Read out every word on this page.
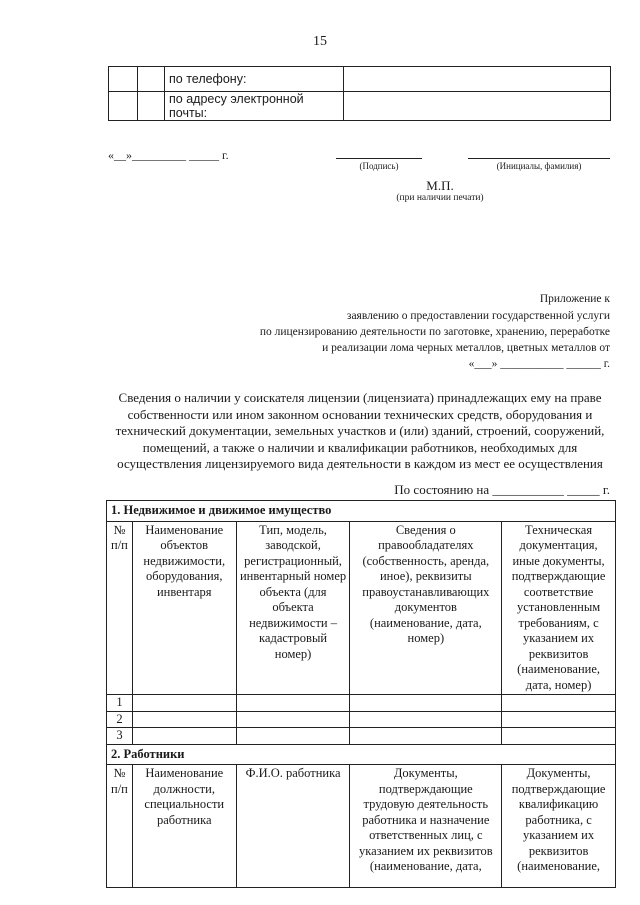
15
		по телефону:	
		по адресу электронной почты:	
«__»_________ _____ г.
(Подпись)	(Инициалы, фамилия)
М.П.
(при наличии печати)
Приложение к
заявлению о предоставлении государственной услуги
по лицензированию деятельности по заготовке, хранению, переработке
и реализации лома черных металлов, цветных металлов от
«___» ___________ ______ г.
Сведения о наличии у соискателя лицензии (лицензиата) принадлежащих ему на праве
собственности или ином законном основании технических средств, оборудования и
технический документации, земельных участков и (или) зданий, строений, сооружений,
помещений, а также о наличии и квалификации работников, необходимых для
осуществления лицензируемого вида деятельности в каждом из мест ее осуществления
По состоянию на ___________ _____ г.
1. Недвижимое и движимое имущество				
№ п/п	Наименование объектов недвижимости, оборудования, инвентаря	Тип, модель, заводской, регистрационный, инвентарный номер объекта (для объекта недвижимости – кадастровый номер)	Сведения о правообладателях (собственность, аренда, иное), реквизиты правоустанавливающих документов (наименование, дата, номер)	Техническая документация, иные документы, подтверждающие соответствие установленным требованиям, с указанием их реквизитов (наименование, дата, номер)
1				
2				
3				
2. Работники				
№ п/п	Наименование должности, специальности работника	Ф.И.О. работника	Документы, подтверждающие трудовую деятельность работника и назначение ответственных лиц, с указанием их реквизитов (наименование, дата,	Документы, подтверждающие квалификацию работника, с указанием их реквизитов (наименование,
